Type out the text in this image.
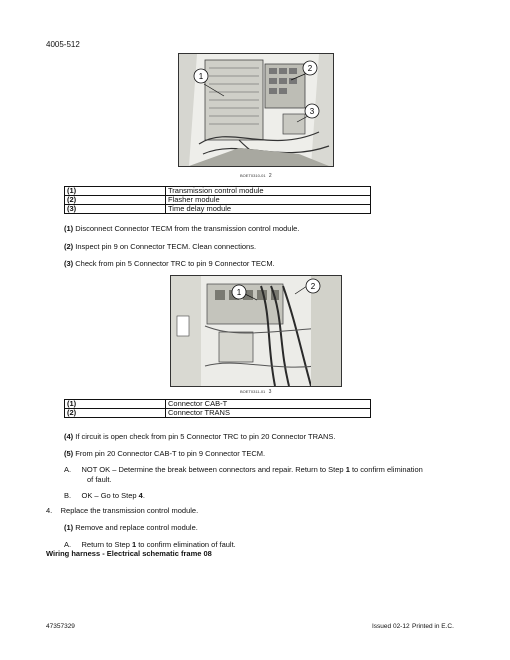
4005-512
1
2
3
BOET0310-01 2
(1)	Transmission control module
(2)	Flasher module
(3)	Time delay module
(1) Disconnect Connector TECM from the transmission control module.
(2) Inspect pin 9 on Connector TECM. Clean connections.
(3) Check from pin 5 Connector TRC to pin 9 Connector TECM.
1
2
BOET0311-01 3
(1)	Connector CAB-T
(2)	Connector TRANS
(4) If circuit is open check from pin 5 Connector TRC to pin 20 Connector TRANS.
(5) From pin 20 Connector CAB-T to pin 9 Connector TECM.
A. NOT OK – Determine the break between connectors and repair. Return to Step 1 to confirm elimination
of fault.
B. OK – Go to Step 4.
4. Replace the transmission control module.
(1) Remove and replace control module.
A. Return to Step 1 to confirm elimination of fault.
Wiring harness - Electrical schematic frame 08
47357329	Issued 02-12 Printed in E.C.
